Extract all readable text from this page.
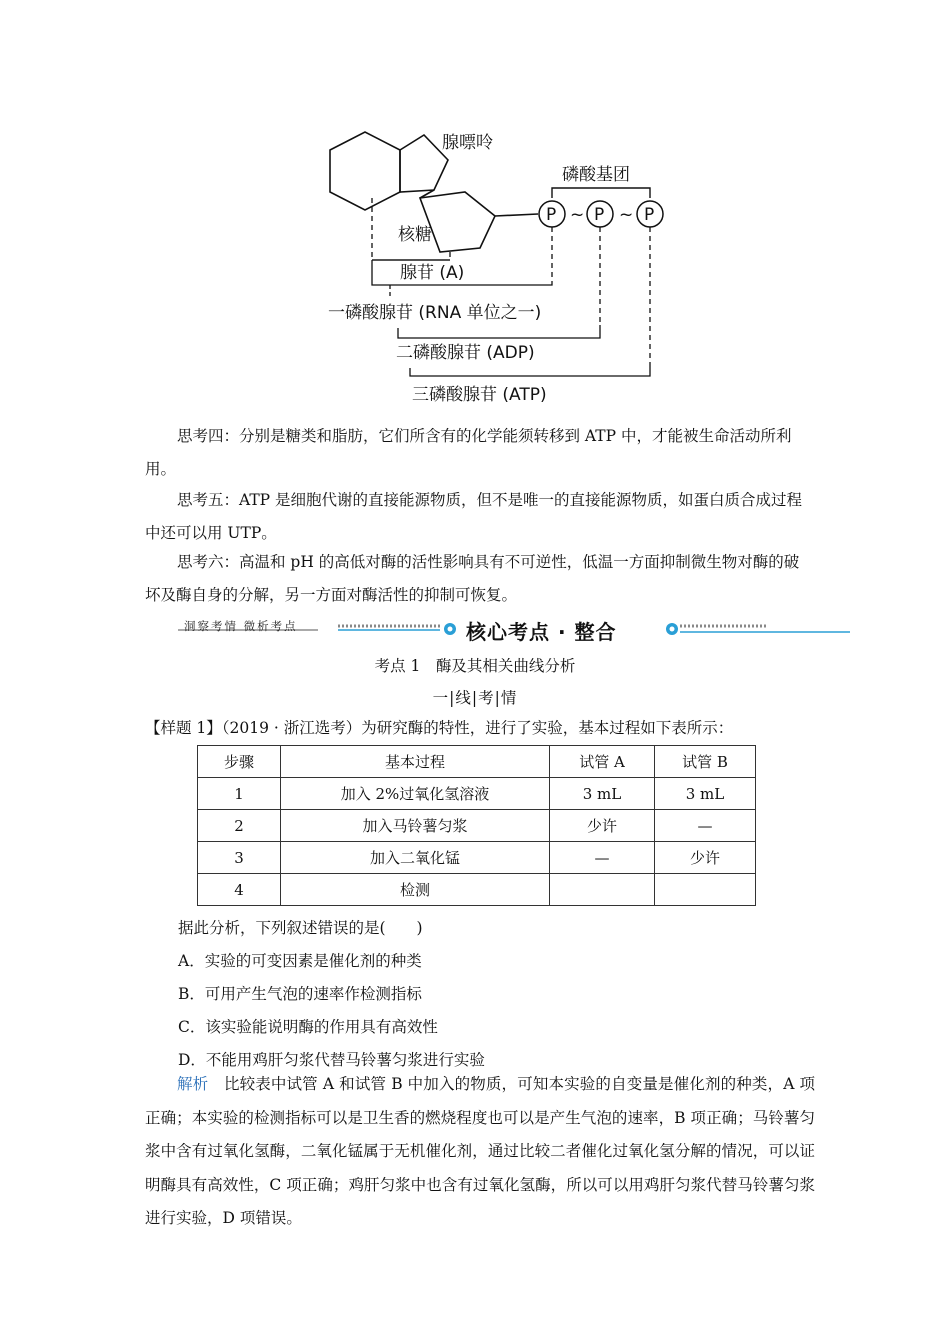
P P P
~ ~
腺嘌呤
磷酸基团
核糖
腺苷 (A)
一磷酸腺苷 (RNA 单位之一)
二磷酸腺苷 (ADP)
三磷酸腺苷 (ATP)

思考四：分别是糖类和脂肪，它们所含有的化学能须转移到 ATP 中，才能被生命活动所利用。

思考五：ATP 是细胞代谢的直接能源物质，但不是唯一的直接能源物质，如蛋白质合成过程中还可以用 UTP。

思考六：高温和 pH 的高低对酶的活性影响具有不可逆性，低温一方面抑制微生物对酶的破坏及酶自身的分解，另一方面对酶活性的抑制可恢复。

洞察考情 微析考点	核心考点 · 整合
考点 1　酶及其相关曲线分析
一|线|考|情
【样题 1】（2019 · 浙江选考）为研究酶的特性，进行了实验，基本过程如下表所示：
步骤	基本过程	试管 A	试管 B
1	加入 2%过氧化氢溶液	3 mL	3 mL
2	加入马铃薯匀浆	少许	—
3	加入二氧化锰	—	少许
4	检测		

据此分析，下列叙述错误的是(　　)

A．实验的可变因素是催化剂的种类

B．可用产生气泡的速率作检测指标

C．该实验能说明酶的作用具有高效性

D．不能用鸡肝匀浆代替马铃薯匀浆进行实验

解析　比较表中试管 A 和试管 B 中加入的物质，可知本实验的自变量是催化剂的种类，A 项正确；本实验的检测指标可以是卫生香的燃烧程度也可以是产生气泡的速率，B 项正确；马铃薯匀浆中含有过氧化氢酶，二氧化锰属于无机催化剂，通过比较二者催化过氧化氢分解的情况，可以证明酶具有高效性，C 项正确；鸡肝匀浆中也含有过氧化氢酶，所以可以用鸡肝匀浆代替马铃薯匀浆进行实验，D 项错误。
